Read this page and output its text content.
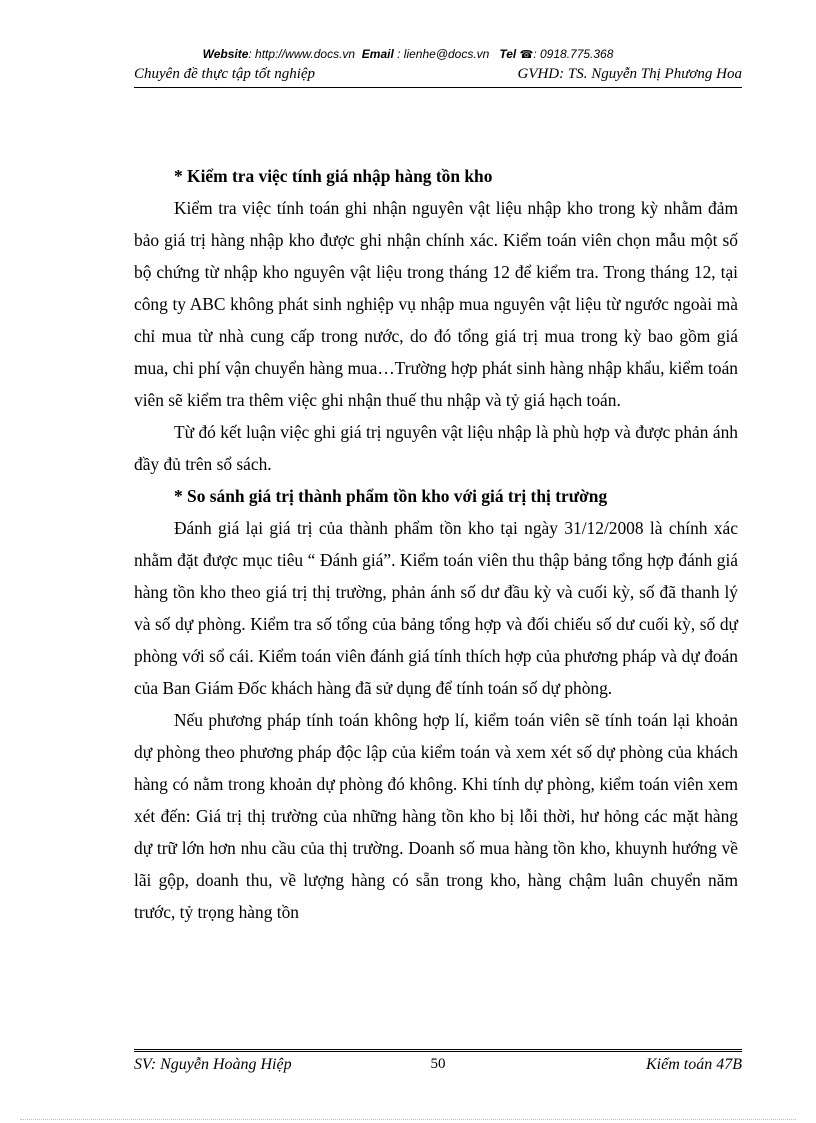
Website: http://www.docs.vn Email : lienhe@docs.vn Tel ☎: 0918.775.368
Chuyên đề thực tập tốt nghiệp	GVHD: TS. Nguyễn Thị Phương Hoa

* Kiểm tra việc tính giá nhập hàng tồn kho

Kiểm tra việc tính toán ghi nhận nguyên vật liệu nhập kho trong kỳ nhằm đảm bảo giá trị hàng nhập kho được ghi nhận chính xác. Kiểm toán viên chọn mẫu một số bộ chứng từ nhập kho nguyên vật liệu trong tháng 12 để kiểm tra. Trong tháng 12, tại công ty ABC không phát sinh nghiệp vụ nhập mua nguyên vật liệu từ ngước ngoài mà chỉ mua từ nhà cung cấp trong nước, do đó tổng giá trị mua trong kỳ bao gồm giá mua, chi phí vận chuyển hàng mua…Trường hợp phát sinh hàng nhập khẩu, kiểm toán viên sẽ kiểm tra thêm việc ghi nhận thuế thu nhập và tỷ giá hạch toán.

Từ đó kết luận việc ghi giá trị nguyên vật liệu nhập là phù hợp và được phản ánh đầy đủ trên sổ sách.

* So sánh giá trị thành phẩm tồn kho với giá trị thị trường

Đánh giá lại giá trị của thành phẩm tồn kho tại ngày 31/12/2008 là chính xác nhằm đặt được mục tiêu “ Đánh giá”. Kiểm toán viên thu thập bảng tổng hợp đánh giá hàng tồn kho theo giá trị thị trường, phản ánh số dư đầu kỳ và cuối kỳ, số đã thanh lý và số dự phòng. Kiểm tra số tổng của bảng tổng hợp và đối chiếu số dư cuối kỳ, số dự phòng với sổ cái. Kiểm toán viên đánh giá tính thích hợp của phương pháp và dự đoán của Ban Giám Đốc khách hàng đã sử dụng để tính toán số dự phòng.

Nếu phương pháp tính toán không hợp lí, kiểm toán viên sẽ tính toán lại khoản dự phòng theo phương pháp độc lập của kiểm toán và xem xét số dự phòng của khách hàng có nằm trong khoản dự phòng đó không. Khi tính dự phòng, kiểm toán viên xem xét đến: Giá trị thị trường của những hàng tồn kho bị lỗi thời, hư hỏng các mặt hàng dự trữ lớn hơn nhu cầu của thị trường. Doanh số mua hàng tồn kho, khuynh hướng về lãi gộp, doanh thu, về lượng hàng có sẵn trong kho, hàng chậm luân chuyển năm trước, tỷ trọng hàng tồn

SV: Nguyễn Hoàng Hiệp	50	Kiểm toán 47B
